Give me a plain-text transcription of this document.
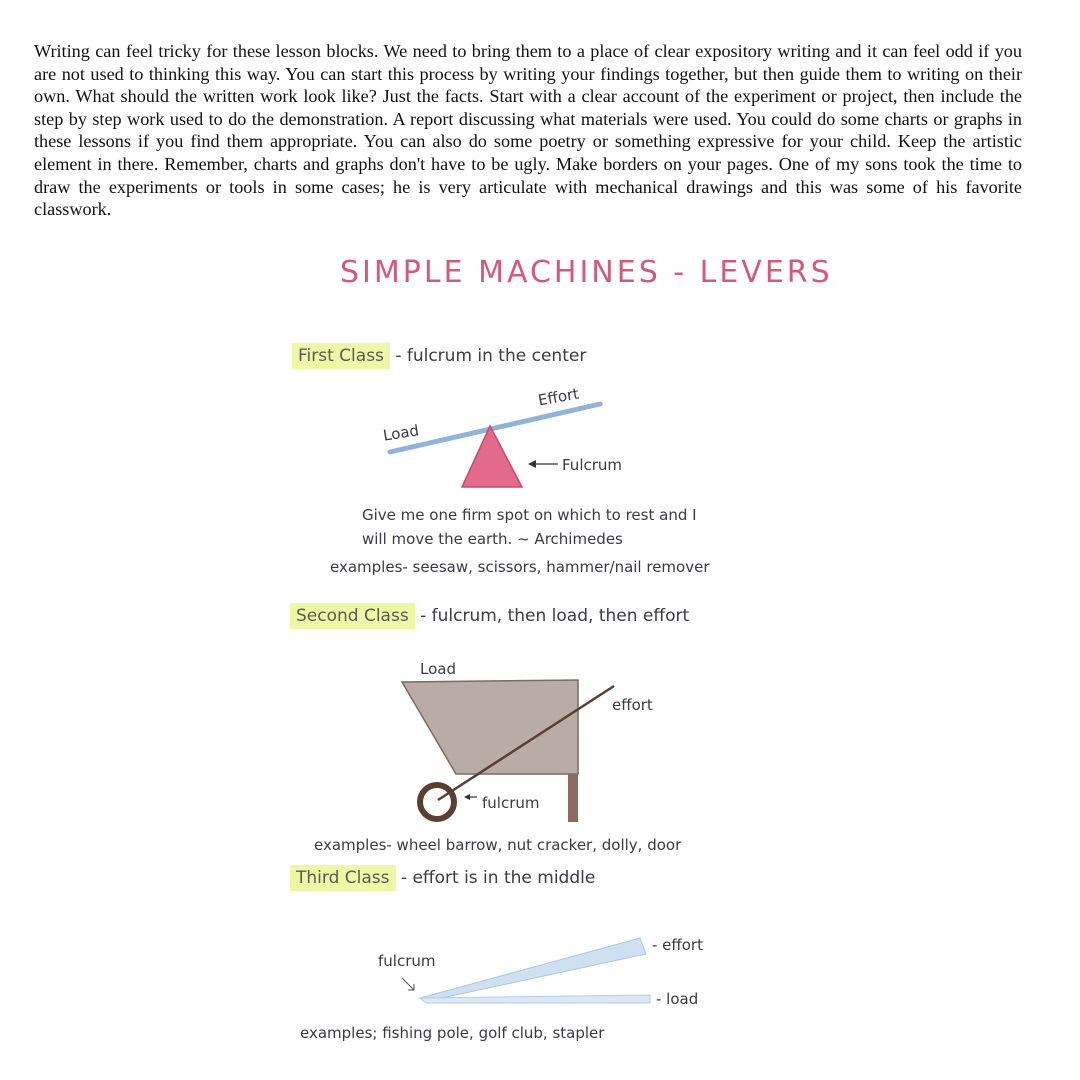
Writing can feel tricky for these lesson blocks. We need to bring them to a place of clear expository writing and it can feel odd if you are not used to thinking this way. You can start this process by writing your findings together, but then guide them to writing on their own. What should the written work look like? Just the facts. Start with a clear account of the experiment or project, then include the step by step work used to do the demonstration. A report discussing what materials were used. You could do some charts or graphs in these lessons if you find them appropriate. You can also do some poetry or something expressive for your child. Keep the artistic element in there. Remember, charts and graphs don't have to be ugly. Make borders on your pages. One of my sons took the time to draw the experiments or tools in some cases; he is very articulate with mechanical drawings and this was some of his favorite classwork.

SIMPLE MACHINES - LEVERS
First Class - fulcrum in the center
Load
Effort
Fulcrum
Give me one firm spot on which to rest and I
will move the earth. ~ Archimedes
examples- seesaw, scissors, hammer/nail remover
Second Class - fulcrum, then load, then effort
Load
effort
fulcrum
examples- wheel barrow, nut cracker, dolly, door
Third Class - effort is in the middle
fulcrum
- effort
- load
examples; fishing pole, golf club, stapler
